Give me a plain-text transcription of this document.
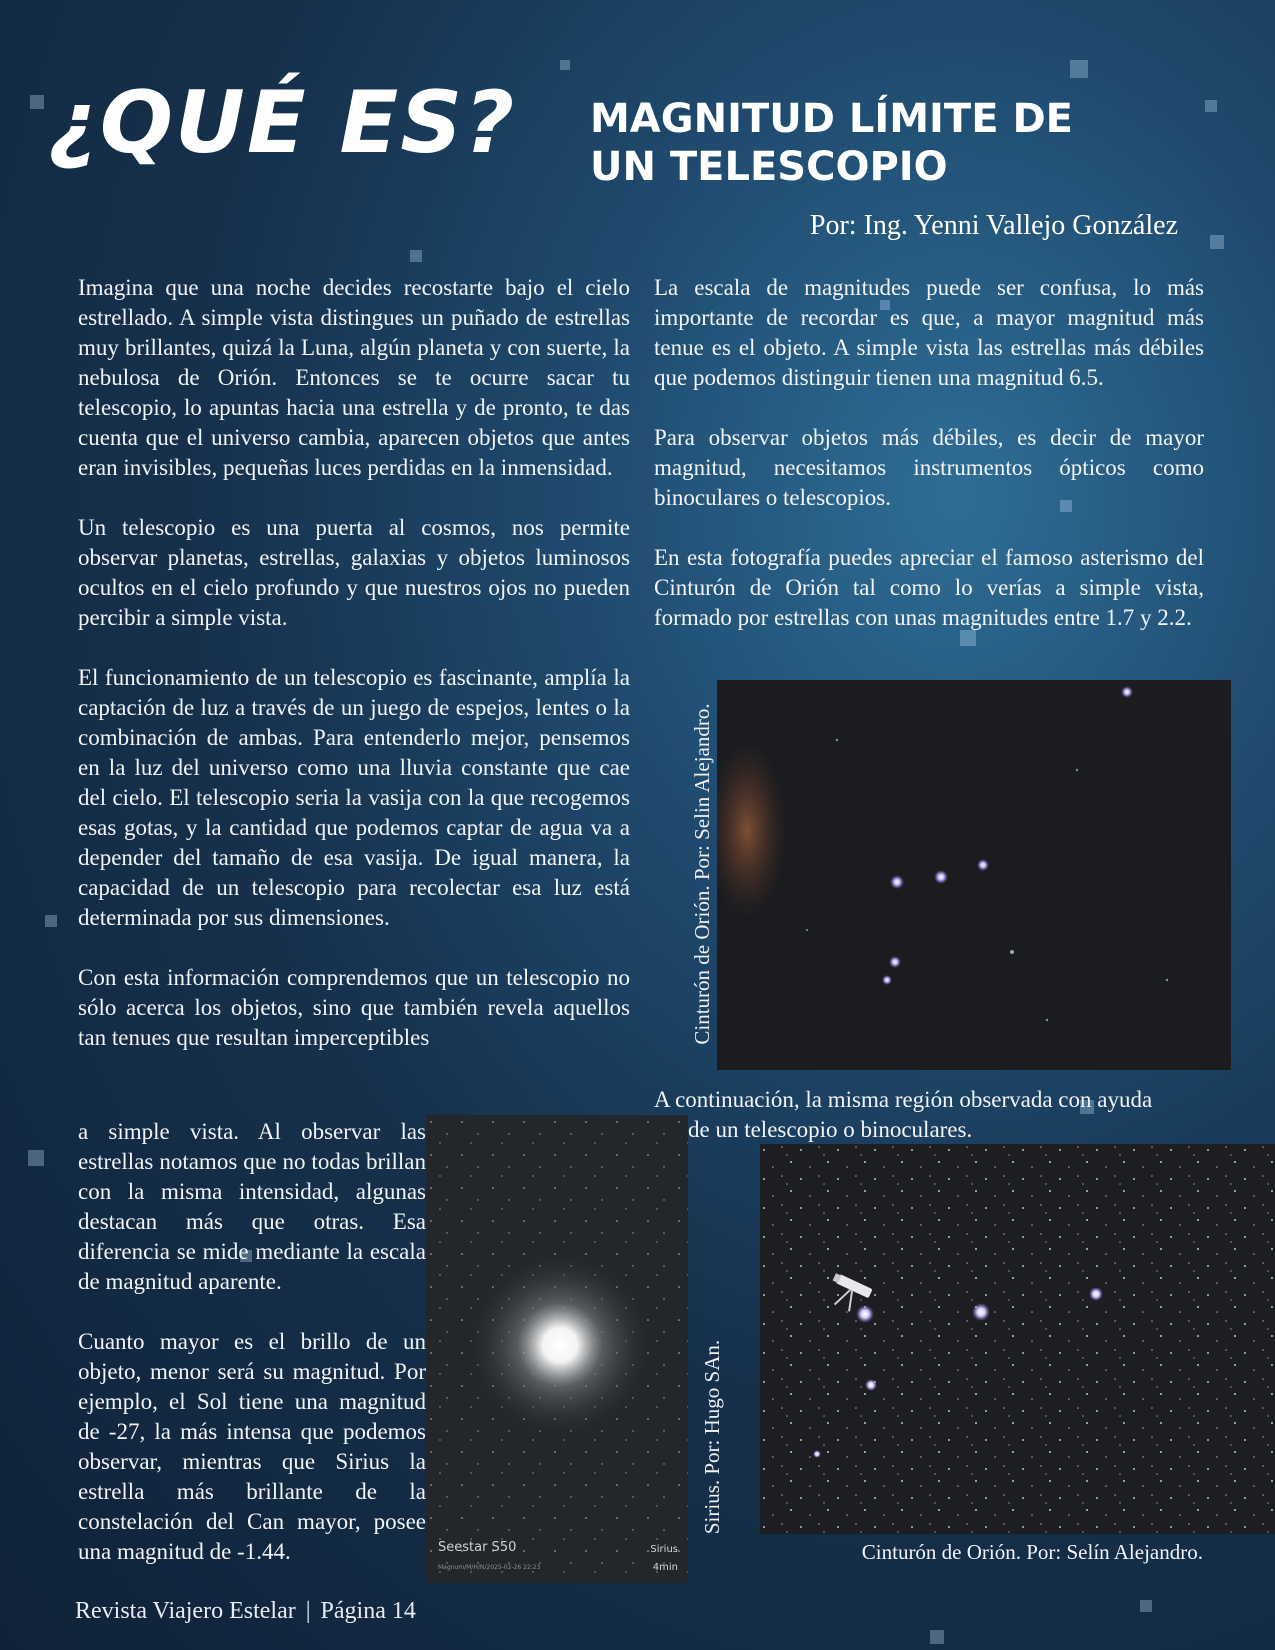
¿QUÉ ES? MAGNITUD LÍMITE DE UN TELESCOPIO

Por: Ing. Yenni Vallejo González

Imagina que una noche decides recostarte bajo el cielo estrellado. A simple vista distingues un puñado de estrellas muy brillantes, quizá la Luna, algún planeta y con suerte, la nebulosa de Orión. Entonces se te ocurre sacar tu telescopio, lo apuntas hacia una estrella y de pronto, te das cuenta que el universo cambia, aparecen objetos que antes eran invisibles, pequeñas luces perdidas en la inmensidad.

Un telescopio es una puerta al cosmos, nos permite observar planetas, estrellas, galaxias y objetos luminosos ocultos en el cielo profundo y que nuestros ojos no pueden percibir a simple vista.

El funcionamiento de un telescopio es fascinante, amplía la captación de luz a través de un juego de espejos, lentes o la combinación de ambas. Para entenderlo mejor, pensemos en la luz del universo como una lluvia constante que cae del cielo. El telescopio seria la vasija con la que recogemos esas gotas, y la cantidad que podemos captar de agua va a depender del tamaño de esa vasija. De igual manera, la capacidad de un telescopio para recolectar esa luz está determinada por sus dimensiones.

Con esta información comprendemos que un telescopio no sólo acerca los objetos, sino que también revela aquellos tan tenues que resultan imperceptibles

a simple vista. Al observar las estrellas notamos que no todas brillan con la misma intensidad, algunas destacan más que otras. Esa diferencia se mide mediante la escala de magnitud aparente.

Cuanto mayor es el brillo de un objeto, menor será su magnitud. Por ejemplo, el Sol tiene una magnitud de -27, la más intensa que podemos observar, mientras que Sirius la estrella más brillante de la constelación del Can mayor, posee una magnitud de -1.44.

La escala de magnitudes puede ser confusa, lo más importante de recordar es que, a mayor magnitud más tenue es el objeto. A simple vista las estrellas más débiles que podemos distinguir tienen una magnitud 6.5.

Para observar objetos más débiles, es decir de mayor magnitud, necesitamos instrumentos ópticos como binoculares o telescopios.

En esta fotografía puedes apreciar el famoso asterismo del Cinturón de Orión tal como lo verías a simple vista, formado por estrellas con unas magnitudes entre 1.7 y 2.2.

Cinturón de Orión. Por: Selin Alejandro.

A continuación, la misma región observada con ayuda

de un telescopio o binoculares.

Cinturón de Orión. Por: Selín Alejandro.

Seestar S50
Magnum/M/H/N/2025-02-26 22:23
Sirius
4min
Sirius. Por: Hugo SAn.

Revista Viajero Estelar | Página 14
